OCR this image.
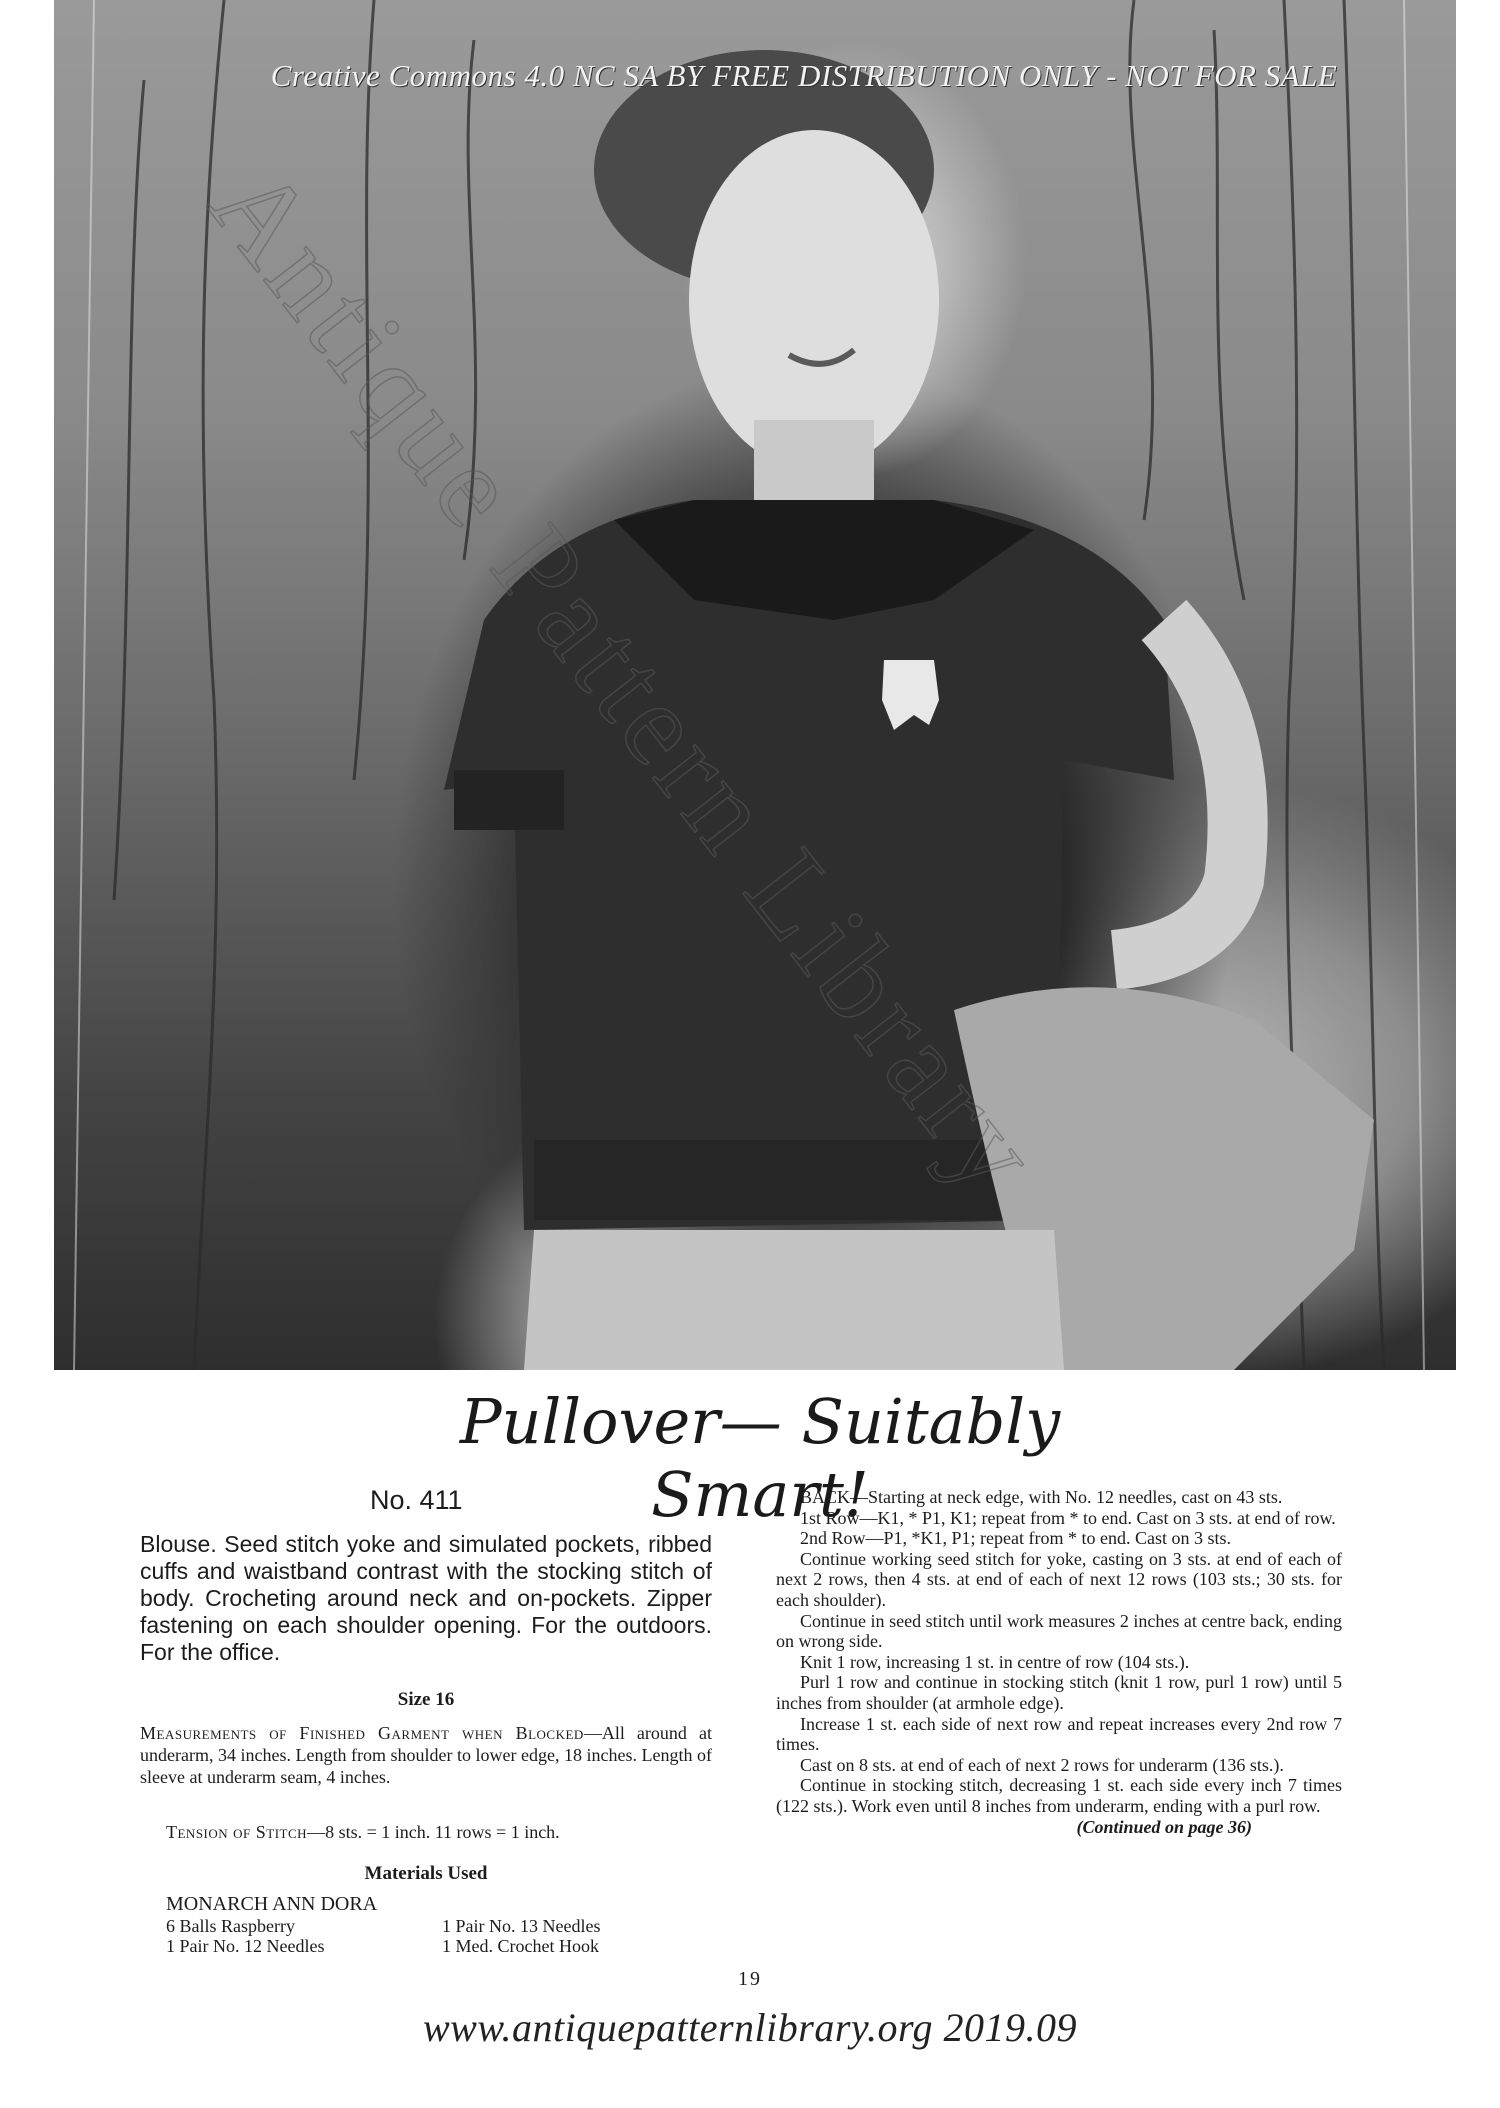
Creative Commons 4.0 NC SA BY FREE DISTRIBUTION ONLY - NOT FOR SALE
Pullover— Suitably Smart!
No. 411
Blouse. Seed stitch yoke and simulated pockets, ribbed cuffs and waistband contrast with the stocking stitch of body. Crocheting around neck and on-pockets. Zipper fastening on each shoulder opening. For the outdoors. For the office.
Size 16
Measurements of Finished Garment when Blocked—All around at underarm, 34 inches. Length from shoulder to lower edge, 18 inches. Length of sleeve at underarm seam, 4 inches.
Tension of Stitch—8 sts. = 1 inch. 11 rows = 1 inch.
Materials Used
MONARCH ANN DORA
6 Balls Raspberry	1 Pair No. 13 Needles
1 Pair No. 12 Needles	1 Med. Crochet Hook

BACK—Starting at neck edge, with No. 12 needles, cast on 43 sts.

1st Row—K1, * P1, K1; repeat from * to end. Cast on 3 sts. at end of row.

2nd Row—P1, *K1, P1; repeat from * to end. Cast on 3 sts.

Continue working seed stitch for yoke, casting on 3 sts. at end of each of next 2 rows, then 4 sts. at end of each of next 12 rows (103 sts.; 30 sts. for each shoulder).

Continue in seed stitch until work measures 2 inches at centre back, ending on wrong side.

Knit 1 row, increasing 1 st. in centre of row (104 sts.).

Purl 1 row and continue in stocking stitch (knit 1 row, purl 1 row) until 5 inches from shoulder (at armhole edge).

Increase 1 st. each side of next row and repeat increases every 2nd row 7 times.

Cast on 8 sts. at end of each of next 2 rows for underarm (136 sts.).

Continue in stocking stitch, decreasing 1 st. each side every inch 7 times (122 sts.). Work even until 8 inches from underarm, ending with a purl row.

(Continued on page 36)

19
www.antiquepatternlibrary.org 2019.09
